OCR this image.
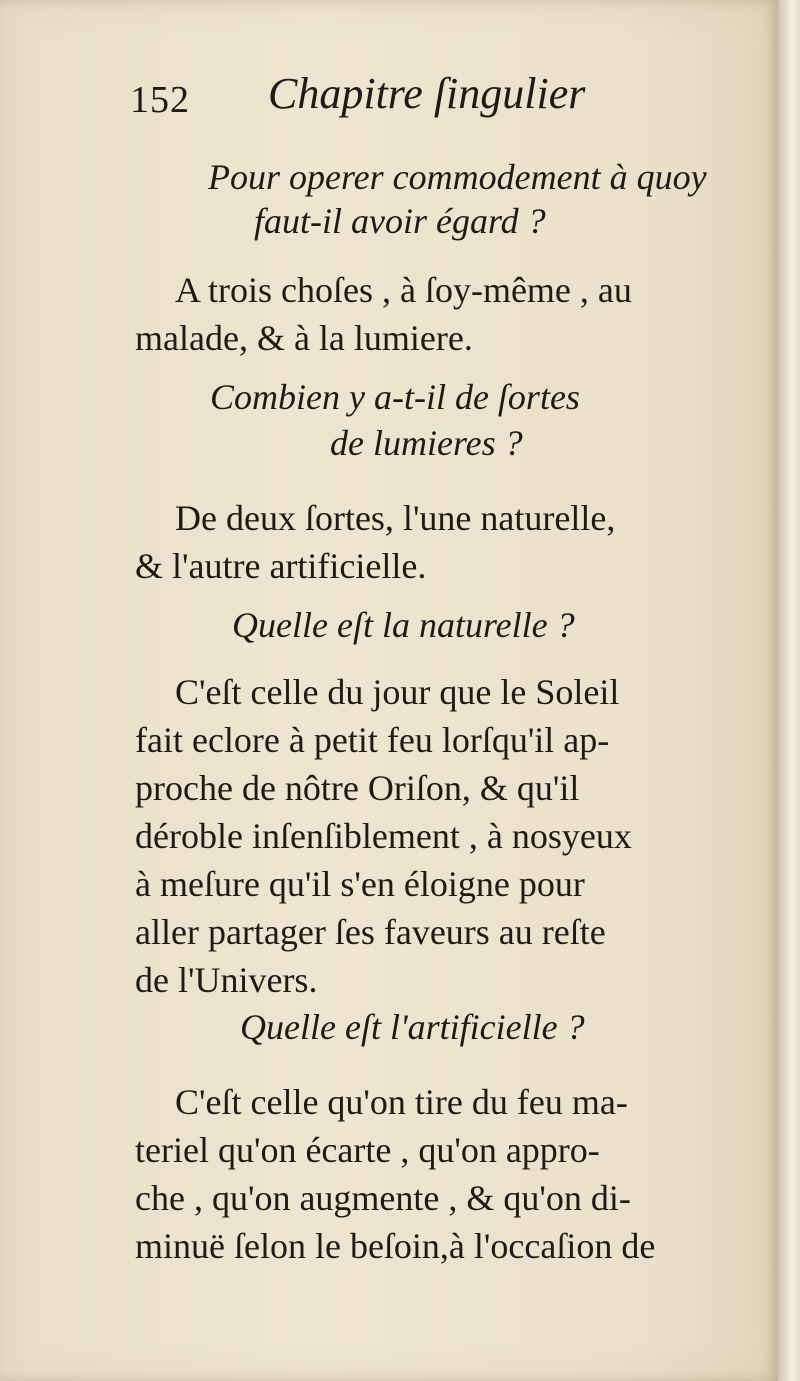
152 Chapitre ſingulier
Pour operer commodement à quoy
faut-il avoir égard ?
A trois choſes , à ſoy-même , au
malade, & à la lumiere.
Combien y a-t-il de ſortes
de lumieres ?
De deux ſortes, l'une naturelle,
& l'autre artificielle.
Quelle eſt la naturelle ?
C'eſt celle du jour que le Soleil
fait eclore à petit feu lorſqu'il ap-
proche de nôtre Oriſon, & qu'il
déroble inſenſiblement , à nosyeux
à meſure qu'il s'en éloigne pour
aller partager ſes faveurs au reſte
de l'Univers.
Quelle eſt l'artificielle ?
C'eſt celle qu'on tire du feu ma-
teriel qu'on écarte , qu'on appro-
che , qu'on augmente , & qu'on di-
minuë ſelon le beſoin,à l'occaſion de
